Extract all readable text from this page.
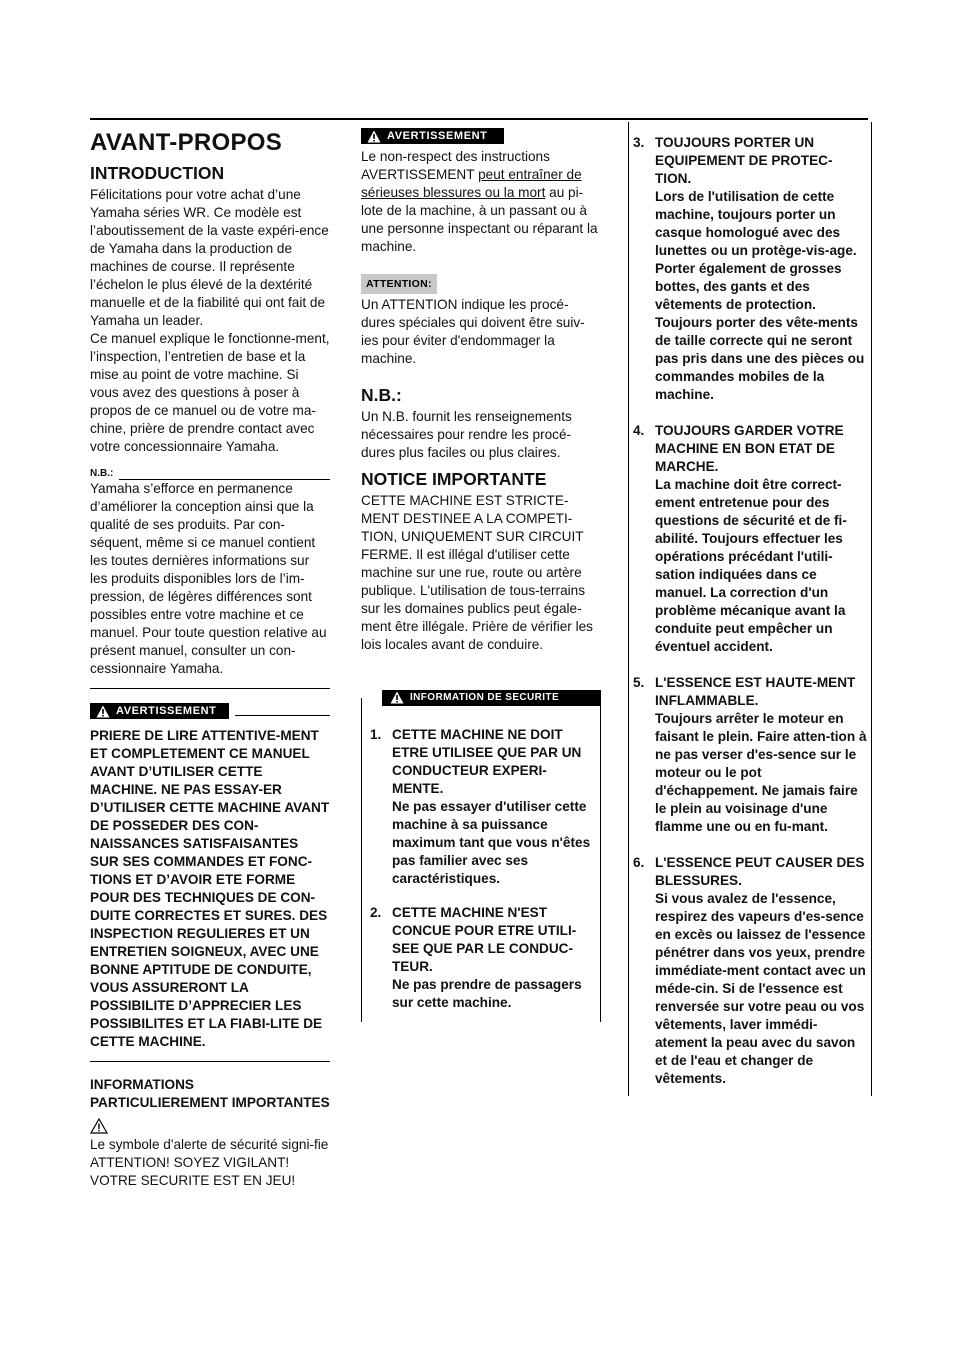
AVANT-PROPOS
INTRODUCTION

Félicitations pour votre achat d’une Yamaha séries WR. Ce modèle est l’aboutissement de la vaste expéri-ence de Yamaha dans la production de machines de course. Il représente l’échelon le plus élevé de la dextérité manuelle et de la fiabilité qui ont fait de Yamaha un leader.

Ce manuel explique le fonctionne-ment, l’inspection, l’entretien de base et la mise au point de votre machine. Si vous avez des questions à poser à propos de ce manuel ou de votre ma-chine, prière de prendre contact avec votre concessionnaire Yamaha.

N.B.:

Yamaha s’efforce en permanence d’améliorer la conception ainsi que la qualité de ses produits. Par con-séquent, même si ce manuel contient les toutes dernières informations sur les produits disponibles lors de l’im-pression, de légères différences sont possibles entre votre machine et ce manuel. Pour toute question relative au présent manuel, consulter un con-cessionnaire Yamaha.

AVERTISSEMENT

PRIERE DE LIRE ATTENTIVE-MENT ET COMPLETEMENT CE MANUEL AVANT D’UTILISER CETTE MACHINE. NE PAS ESSAY-ER D’UTILISER CETTE MACHINE AVANT DE POSSEDER DES CON-NAISSANCES SATISFAISANTES SUR SES COMMANDES ET FONC-TIONS ET D’AVOIR ETE FORME POUR DES TECHNIQUES DE CON-DUITE CORRECTES ET SURES. DES INSPECTION REGULIERES ET UN ENTRETIEN SOIGNEUX, AVEC UNE BONNE APTITUDE DE CONDUITE, VOUS ASSURERONT LA POSSIBILITE D’APPRECIER LES POSSIBILITES ET LA FIABI-LITE DE CETTE MACHINE.

INFORMATIONS PARTICULIEREMENT IMPORTANTES

Le symbole d'alerte de sécurité signi-fie ATTENTION! SOYEZ VIGILANT! VOTRE SECURITE EST EN JEU!

AVERTISSEMENT

Le non-respect des instructions AVERTISSEMENT peut entraîner de sérieuses blessures ou la mort au pi-lote de la machine, à un passant ou à une personne inspectant ou réparant la machine.

ATTENTION:

Un ATTENTION indique les procé-dures spéciales qui doivent être suiv-ies pour éviter d'endommager la machine.

N.B.:

Un N.B. fournit les renseignements nécessaires pour rendre les procé-dures plus faciles ou plus claires.

NOTICE IMPORTANTE

CETTE MACHINE EST STRICTE-MENT DESTINEE A LA COMPETI-TION, UNIQUEMENT SUR CIRCUIT FERME. Il est illégal d'utiliser cette machine sur une rue, route ou artère publique. L'utilisation de tous-terrains sur les domaines publics peut égale-ment être illégale. Prière de vérifier les lois locales avant de conduire.

INFORMATION DE SECURITE
1. CETTE MACHINE NE DOIT ETRE UTILISEE QUE PAR UN CONDUCTEUR EXPERI-MENTE.
Ne pas essayer d'utiliser cette machine à sa puissance maximum tant que vous n'êtes pas familier avec ses caractéristiques.
2. CETTE MACHINE N'EST CONCUE POUR ETRE UTILI-SEE QUE PAR LE CONDUC-TEUR.
Ne pas prendre de passagers sur cette machine.
3. TOUJOURS PORTER UN EQUIPEMENT DE PROTEC-TION.
Lors de l'utilisation de cette machine, toujours porter un casque homologué avec des lunettes ou un protège-vis-age. Porter également de grosses bottes, des gants et des vêtements de protection. Toujours porter des vête-ments de taille correcte qui ne seront pas pris dans une des pièces ou commandes mobiles de la machine.
4. TOUJOURS GARDER VOTRE MACHINE EN BON ETAT DE MARCHE.
La machine doit être correct-ement entretenue pour des questions de sécurité et de fi-abilité. Toujours effectuer les opérations précédant l'utili-sation indiquées dans ce manuel. La correction d'un problème mécanique avant la conduite peut empêcher un éventuel accident.
5. L'ESSENCE EST HAUTE-MENT INFLAMMABLE.
Toujours arrêter le moteur en faisant le plein. Faire atten-tion à ne pas verser d'es-sence sur le moteur ou le pot d'échappement. Ne jamais faire le plein au voisinage d'une flamme une ou en fu-mant.
6. L'ESSENCE PEUT CAUSER DES BLESSURES.
Si vous avalez de l'essence, respirez des vapeurs d'es-sence en excès ou laissez de l'essence pénétrer dans vos yeux, prendre immédiate-ment contact avec un méde-cin. Si de l'essence est renversée sur votre peau ou vos vêtements, laver immédi-atement la peau avec du savon et de l'eau et changer de vêtements.
